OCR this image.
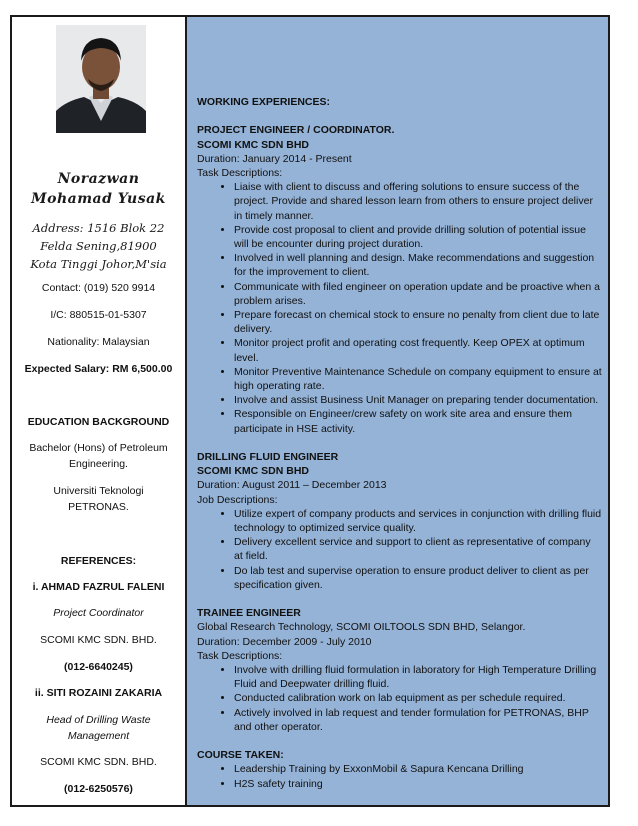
Norazwan
Mohamad Yusak
Address: 1516 Blok 22
Felda Sening,81900
Kota Tinggi Johor,M'sia
Contact: (019) 520 9914
I/C: 880515-01-5307
Nationality: Malaysian
Expected Salary: RM 6,500.00
EDUCATION BACKGROUND
Bachelor (Hons) of Petroleum
Engineering.
Universiti Teknologi
PETRONAS.
REFERENCES:
i. AHMAD FAZRUL FALENI
Project Coordinator
SCOMI KMC SDN. BHD.
(012-6640245)
ii. SITI ROZAINI ZAKARIA
Head of Drilling Waste
Management
SCOMI KMC SDN. BHD.
(012-6250576)
WORKING EXPERIENCES:
PROJECT ENGINEER / COORDINATOR.
SCOMI KMC SDN BHD
Duration: January 2014 - Present
Task Descriptions:
• Liaise with client to discuss and offering solutions to ensure success of the project. Provide and shared lesson learn from others to ensure project deliver in timely manner.
• Provide cost proposal to client and provide drilling solution of potential issue will be encounter during project duration.
• Involved in well planning and design. Make recommendations and suggestion for the improvement to client.
• Communicate with filed engineer on operation update and be proactive when a problem arises.
• Prepare forecast on chemical stock to ensure no penalty from client due to late delivery.
• Monitor project profit and operating cost frequently. Keep OPEX at optimum level.
• Monitor Preventive Maintenance Schedule on company equipment to ensure at high operating rate.
• Involve and assist Business Unit Manager on preparing tender documentation.
• Responsible on Engineer/crew safety on work site area and ensure them participate in HSE activity.
DRILLING FLUID ENGINEER
SCOMI KMC SDN BHD
Duration: August 2011 – December 2013
Job Descriptions:
• Utilize expert of company products and services in conjunction with drilling fluid technology to optimized service quality.
• Delivery excellent service and support to client as representative of company at field.
• Do lab test and supervise operation to ensure product deliver to client as per specification given.
TRAINEE ENGINEER
Global Research Technology, SCOMI OILTOOLS SDN BHD, Selangor.
Duration: December 2009 - July 2010
Task Descriptions:
• Involve with drilling fluid formulation in laboratory for High Temperature Drilling Fluid and Deepwater drilling fluid.
• Conducted calibration work on lab equipment as per schedule required.
• Actively involved in lab request and tender formulation for PETRONAS, BHP and other operator.
COURSE TAKEN:
• Leadership Training by ExxonMobil & Sapura Kencana Drilling
• H2S safety training
